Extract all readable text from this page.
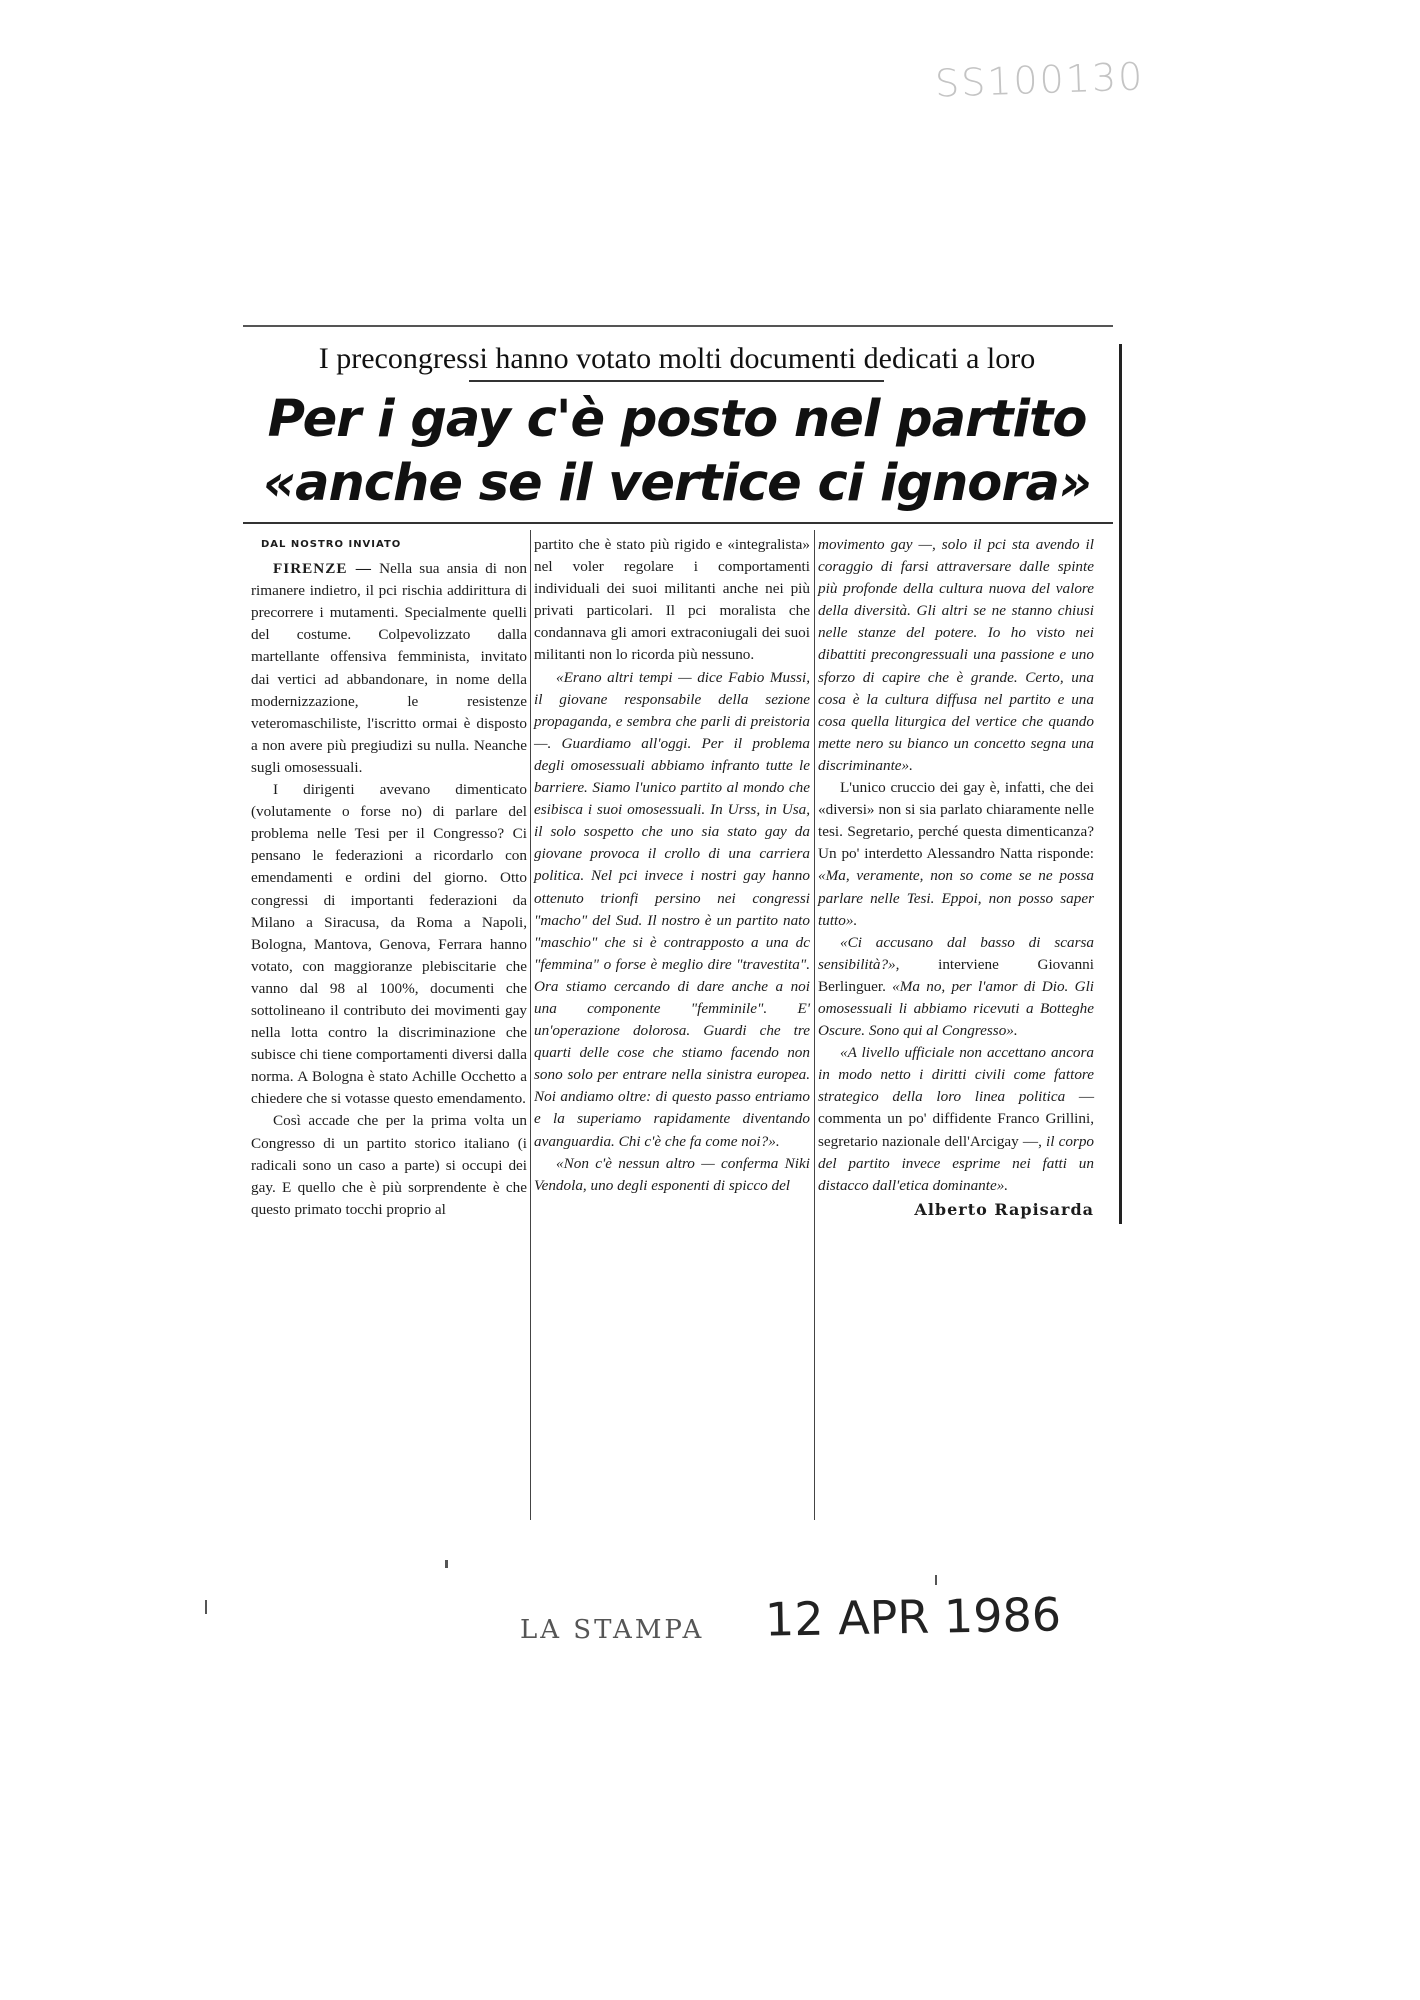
SS100130
I precongressi hanno votato molti documenti dedicati a loro
Per i gay c'è posto nel partito
«anche se il vertice ci ignora»

DAL NOSTRO INVIATO

FIRENZE — Nella sua ansia di non rimanere indietro, il pci rischia addirittura di precorrere i mutamenti. Specialmente quelli del costume. Colpevolizzato dalla martellante offensiva femminista, invitato dai vertici ad abbandonare, in nome della modernizzazione, le resistenze veteromaschiliste, l'iscritto ormai è disposto a non avere più pregiudizi su nulla. Neanche sugli omosessuali.

I dirigenti avevano dimenticato (volutamente o forse no) di parlare del problema nelle Tesi per il Congresso? Ci pensano le federazioni a ricordarlo con emendamenti e ordini del giorno. Otto congressi di importanti federazioni da Milano a Siracusa, da Roma a Napoli, Bologna, Mantova, Genova, Ferrara hanno votato, con maggioranze plebiscitarie che vanno dal 98 al 100%, documenti che sottolineano il contributo dei movimenti gay nella lotta contro la discriminazione che subisce chi tiene comportamenti diversi dalla norma. A Bologna è stato Achille Occhetto a chiedere che si votasse questo emendamento.

Così accade che per la prima volta un Congresso di un partito storico italiano (i radicali sono un caso a parte) si occupi dei gay. E quello che è più sorprendente è che questo primato tocchi proprio al

partito che è stato più rigido e «integralista» nel voler regolare i comportamenti individuali dei suoi militanti anche nei più privati particolari. Il pci moralista che condannava gli amori extraconiugali dei suoi militanti non lo ricorda più nessuno.

«Erano altri tempi — dice Fabio Mussi, il giovane responsabile della sezione propaganda, e sembra che parli di preistoria —. Guardiamo all'oggi. Per il problema degli omosessuali abbiamo infranto tutte le barriere. Siamo l'unico partito al mondo che esibisca i suoi omosessuali. In Urss, in Usa, il solo sospetto che uno sia stato gay da giovane provoca il crollo di una carriera politica. Nel pci invece i nostri gay hanno ottenuto trionfi persino nei congressi "macho" del Sud. Il nostro è un partito nato "maschio" che si è contrapposto a una dc "femmina" o forse è meglio dire "travestita". Ora stiamo cercando di dare anche a noi una componente "femminile". E' un'operazione dolorosa. Guardi che tre quarti delle cose che stiamo facendo non sono solo per entrare nella sinistra europea. Noi andiamo oltre: di questo passo entriamo e la superiamo rapidamente diventando avanguardia. Chi c'è che fa come noi?».

«Non c'è nessun altro — conferma Niki Vendola, uno degli esponenti di spicco del

movimento gay —, solo il pci sta avendo il coraggio di farsi attraversare dalle spinte più profonde della cultura nuova del valore della diversità. Gli altri se ne stanno chiusi nelle stanze del potere. Io ho visto nei dibattiti precongressuali una passione e uno sforzo di capire che è grande. Certo, una cosa è la cultura diffusa nel partito e una cosa quella liturgica del vertice che quando mette nero su bianco un concetto segna una discriminante».

L'unico cruccio dei gay è, infatti, che dei «diversi» non si sia parlato chiaramente nelle tesi. Segretario, perché questa dimenticanza? Un po' interdetto Alessandro Natta risponde: «Ma, veramente, non so come se ne possa parlare nelle Tesi. Eppoi, non posso saper tutto».

«Ci accusano dal basso di scarsa sensibilità?»,	interviene Giovanni Berlinguer. «Ma no, per l'amor di Dio. Gli omosessuali li abbiamo ricevuti a Botteghe Oscure. Sono qui al Congresso».

«A livello ufficiale non accettano ancora in modo netto i diritti civili come fattore strategico della loro linea politica — commenta un po' diffidente Franco Grillini, segretario nazionale dell'Arcigay —, il corpo del partito invece esprime nei fatti un distacco dall'etica dominante».

Alberto Rapisarda
LA STAMPA 12 APR 1986
